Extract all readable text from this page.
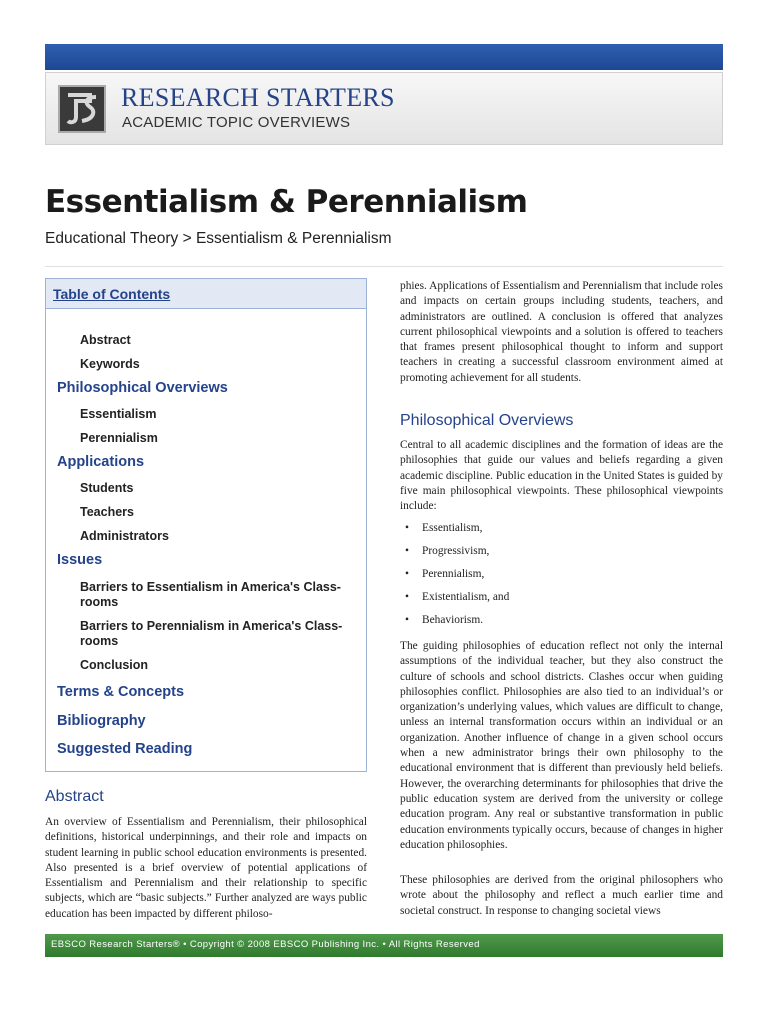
RESEARCH STARTERS
ACADEMIC TOPIC OVERVIEWS
Essentialism & Perennialism
Educational Theory > Essentialism & Perennialism
Table of Contents
Abstract
Keywords
Philosophical Overviews
Essentialism
Perennialism
Applications
Students
Teachers
Administrators
Issues
Barriers to Essentialism in America's Class-rooms
Barriers to Perennialism in America's Class-rooms
Conclusion
Terms & Concepts
Bibliography
Suggested Reading
Abstract

An overview of Essentialism and Perennialism, their philosophical definitions, historical underpinnings, and their role and impacts on student learning in public school education environments is presented. Also presented is a brief overview of potential applications of Essentialism and Perennialism and their relationship to specific subjects, which are “basic subjects.” Further analyzed are ways public education has been impacted by different philoso-

phies. Applications of Essentialism and Perennialism that include roles and impacts on certain groups including students, teachers, and administrators are outlined. A conclusion is offered that analyzes current philosophical viewpoints and a solution is offered to teachers that frames present philosophical thought to inform and support teachers in creating a successful classroom environment aimed at promoting achievement for all students.

Philosophical Overviews

Central to all academic disciplines and the formation of ideas are the philosophies that guide our values and beliefs regarding a given academic discipline. Public education in the United States is guided by five main philosophical viewpoints. These philosophical viewpoints include:

• Essentialism,
• Progressivism,
• Perennialism,
• Existentialism, and
• Behaviorism.

The guiding philosophies of education reflect not only the internal assumptions of the individual teacher, but they also construct the culture of schools and school districts. Clashes occur when guiding philosophies conflict. Philosophies are also tied to an individual’s or organization’s underlying values, which values are difficult to change, unless an internal transformation occurs within an individual or an organization. Another influence of change in a given school occurs when a new administrator brings their own philosophy to the educational environment that is different than previously held beliefs. However, the overarching determinants for philosophies that drive the public education system are derived from the university or college education program. Any real or substantive transformation in public education environments typically occurs, because of changes in higher education philosophies.

These philosophies are derived from the original philosophers who wrote about the philosophy and reflect a much earlier time and societal construct. In response to changing societal views

EBSCO Research Starters® • Copyright © 2008 EBSCO Publishing Inc. • All Rights Reserved
